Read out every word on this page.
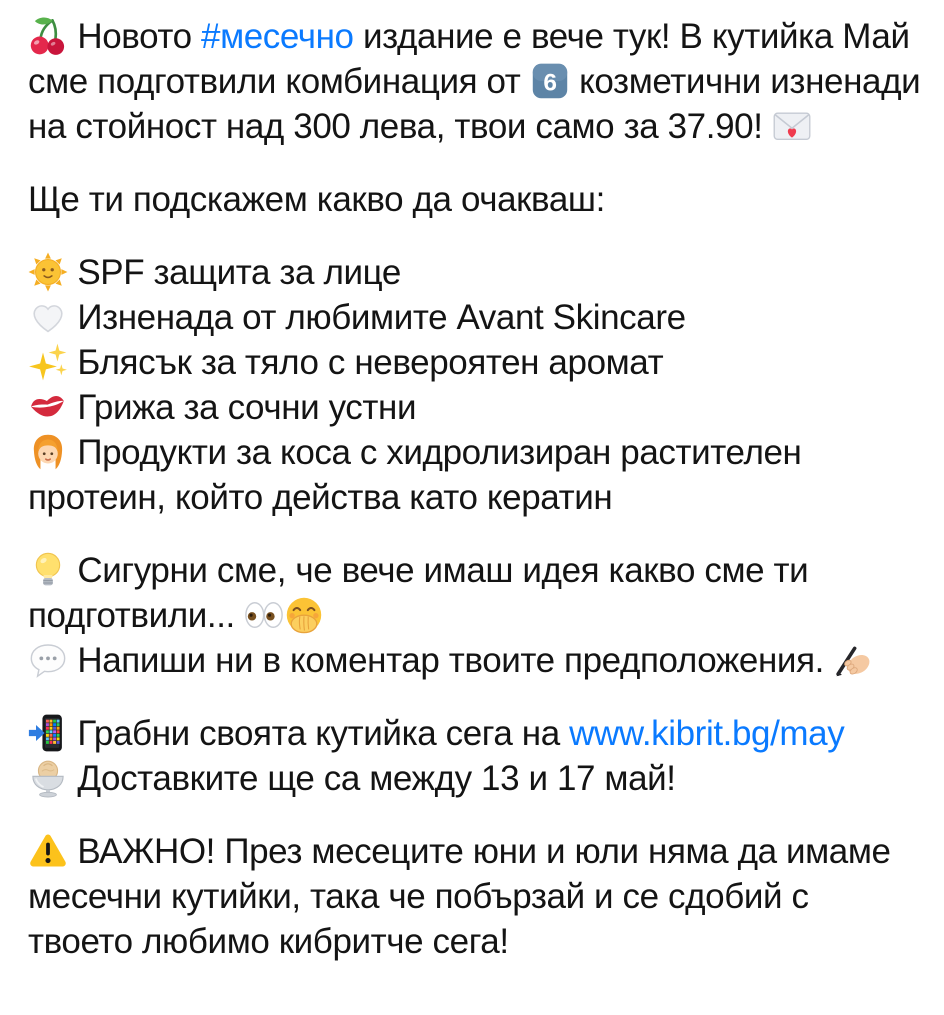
Новото #месечно издание е вече тук! В кутийка Май сме подготвили комбинация от  козметични изненади на стойност над 300 лева, твои само за 37.90!

Ще ти подскажем какво да очакваш:

SPF защита за лице
Изненада от любимите Avant Skincare
Блясък за тяло с невероятен аромат
Грижа за сочни устни
Продукти за коса с хидролизиран растителен протеин, който действа като кератин

Сигурни сме, че вече имаш идея какво сме ти подготвили...
Напиши ни в коментар твоите предположения.

Грабни своята кутийка сега на www.kibrit.bg/may
Доставките ще са между 13 и 17 май!

ВАЖНО! През месеците юни и юли няма да имаме месечни кутийки, така че побързай и се сдобий с твоето любимо кибритче сега!
